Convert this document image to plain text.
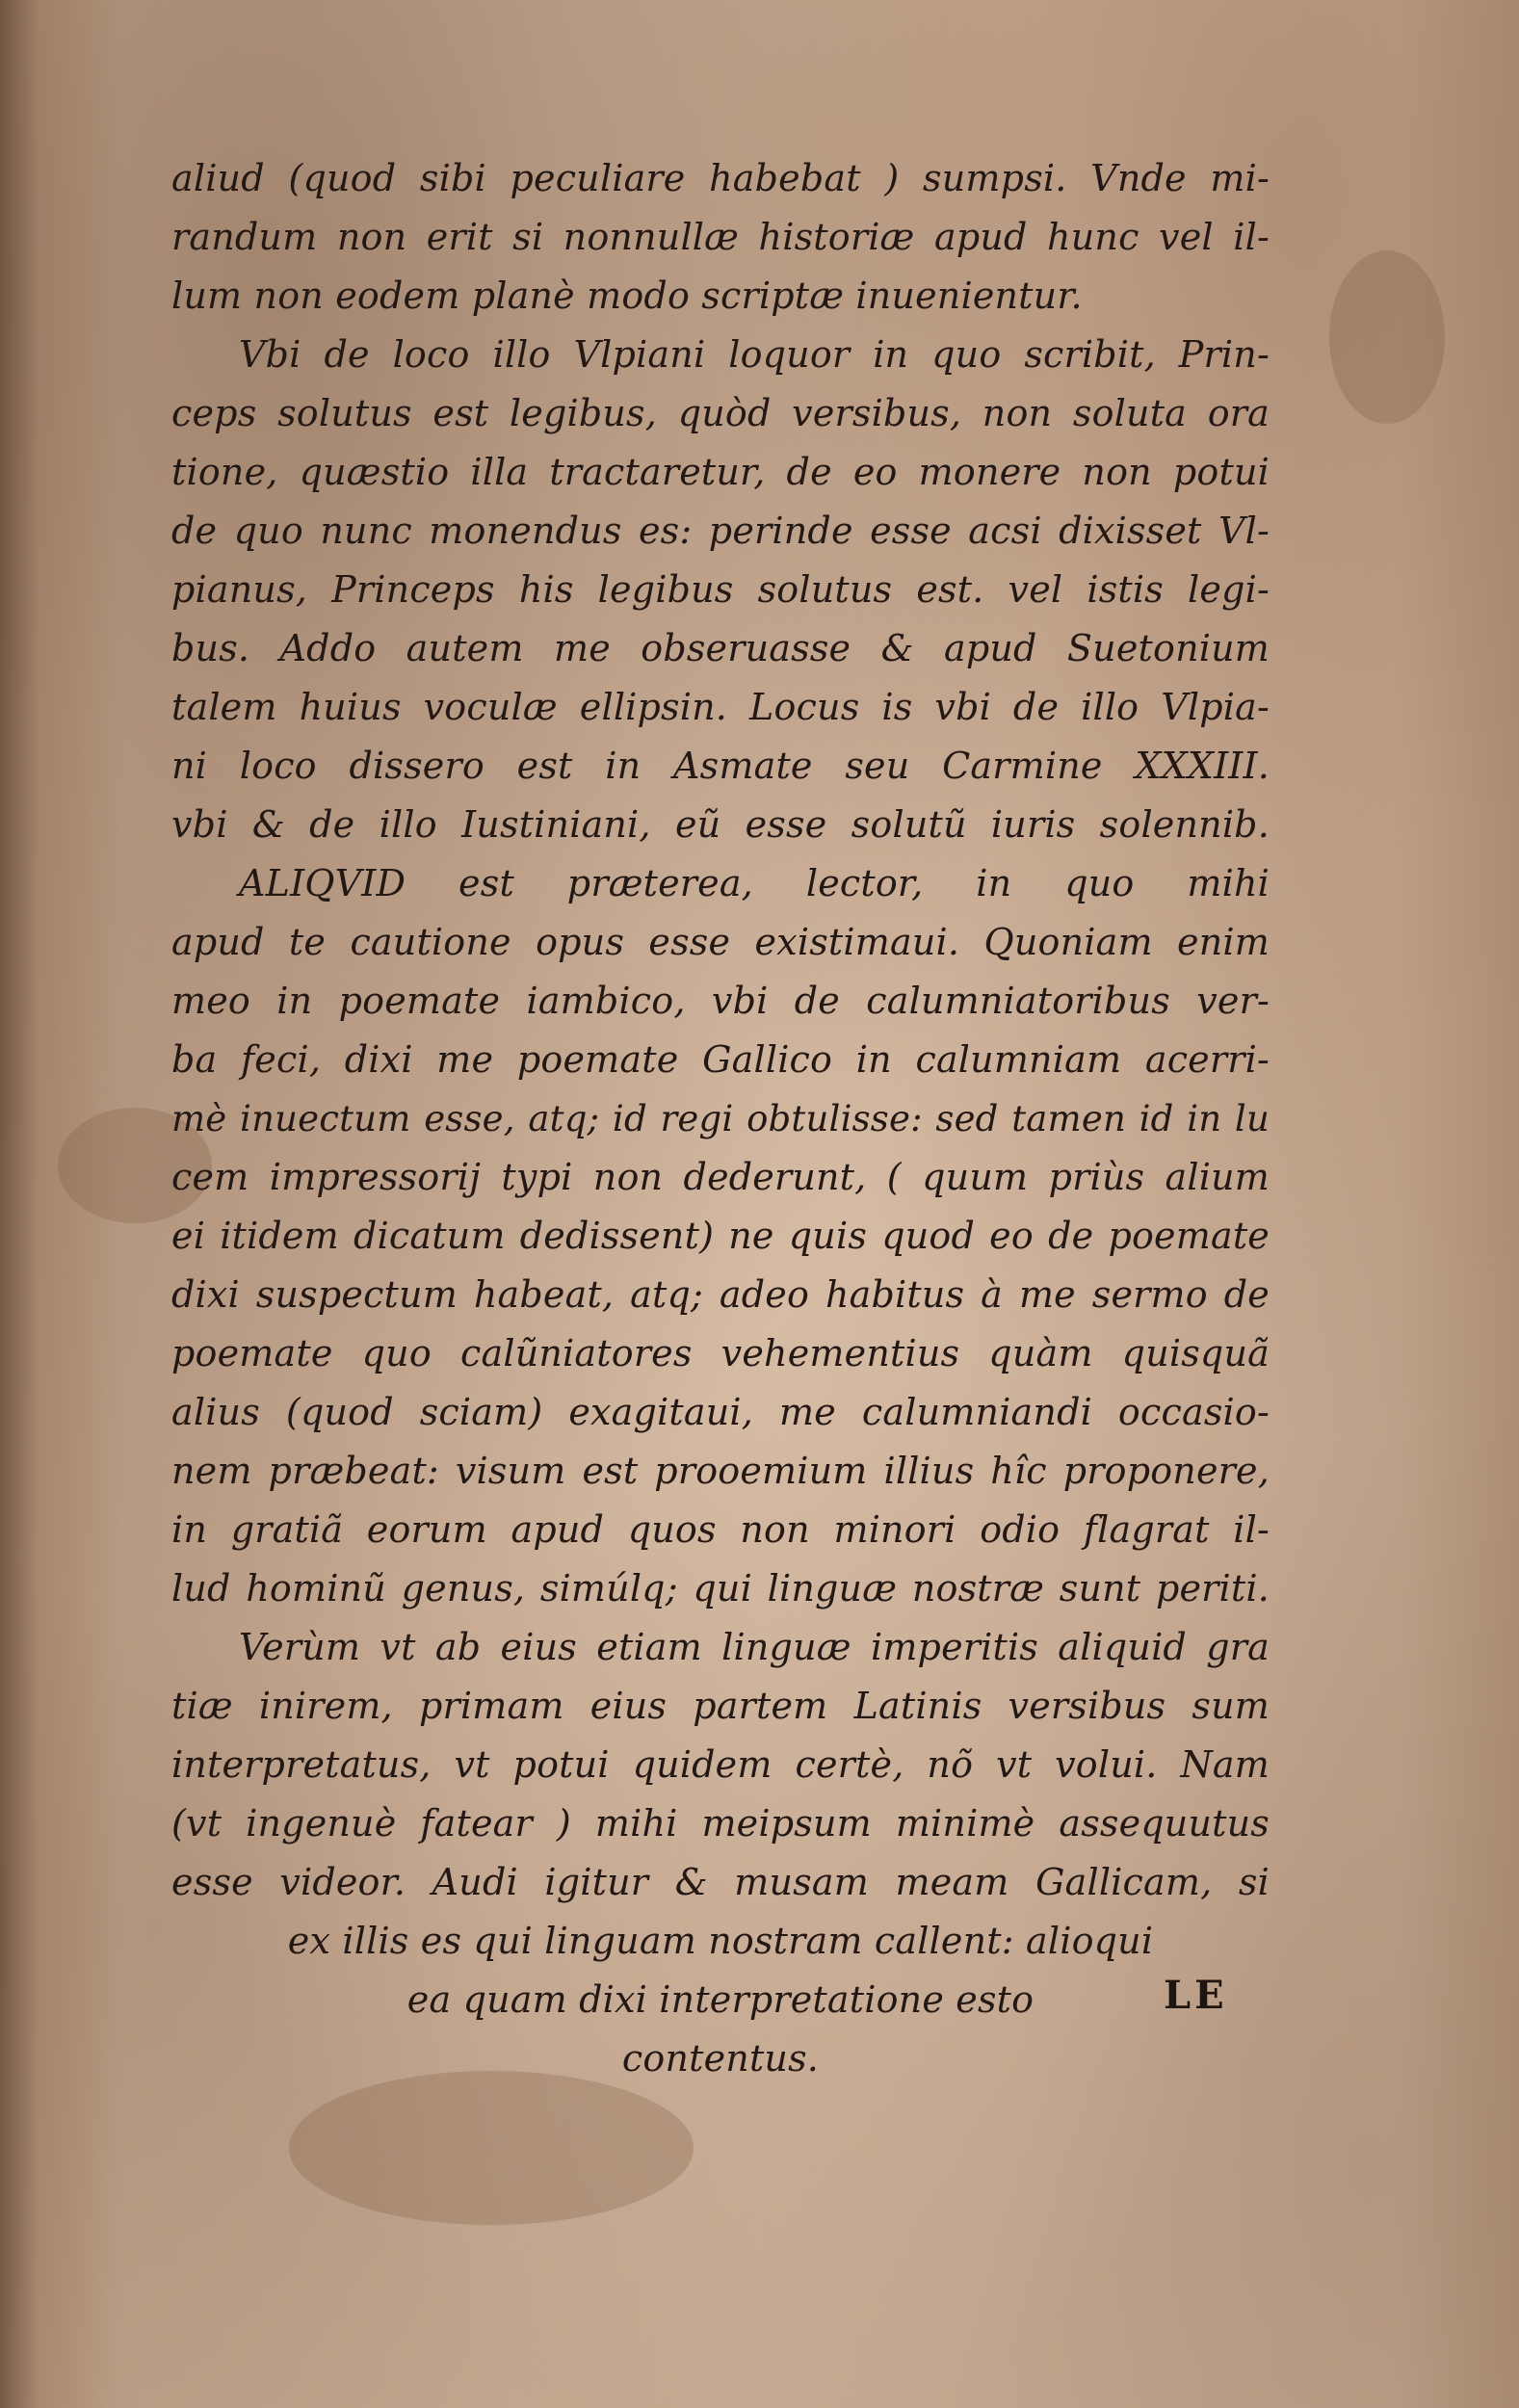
aliud (quod sibi peculiare habebat ) sumpsi. Vnde mi-
randum non erit si nonnullæ historiæ apud hunc vel il-
lum non eodem planè modo scriptæ inuenientur.
Vbi de loco illo Vlpiani loquor in quo scribit, Prin-
ceps solutus est legibus, quòd versibus, non soluta ora
tione, quæstio illa tractaretur, de eo monere non potui
de quo nunc monendus es: perinde esse acsi dixisset Vl-
pianus, Princeps his legibus solutus est. vel istis legi-
bus. Addo autem me obseruasse & apud Suetonium
talem huius voculæ ellipsin. Locus is vbi de illo Vlpia-
ni loco dissero est in Asmate seu Carmine XXXIII.
vbi & de illo Iustiniani, eũ esse solutũ iuris solennib.
ALIQVID est præterea, lector, in quo mihi
apud te cautione opus esse existimaui. Quoniam enim
meo in poemate iambico, vbi de calumniatoribus ver-
ba feci, dixi me poemate Gallico in calumniam acerri-
mè inuectum esse, atq; id regi obtulisse: sed tamen id in lu
cem impressorij typi non dederunt, ( quum priùs alium
ei itidem dicatum dedissent) ne quis quod eo de poemate
dixi suspectum habeat, atq; adeo habitus à me sermo de
poemate quo calũniatores vehementius quàm quisquã
alius (quod sciam) exagitaui, me calumniandi occasio-
nem præbeat: visum est prooemium illius hîc proponere,
in gratiã eorum apud quos non minori odio flagrat il-
lud hominũ genus, simúlq; qui linguæ nostræ sunt periti.
Verùm vt ab eius etiam linguæ imperitis aliquid gra
tiæ inirem, primam eius partem Latinis versibus sum
interpretatus, vt potui quidem certè, nõ vt volui. Nam
(vt ingenuè fatear ) mihi meipsum minimè assequutus
esse videor. Audi igitur & musam meam Gallicam, si
ex illis es qui linguam nostram callent: alioqui
ea quam dixi interpretatione esto
contentus.
LE
